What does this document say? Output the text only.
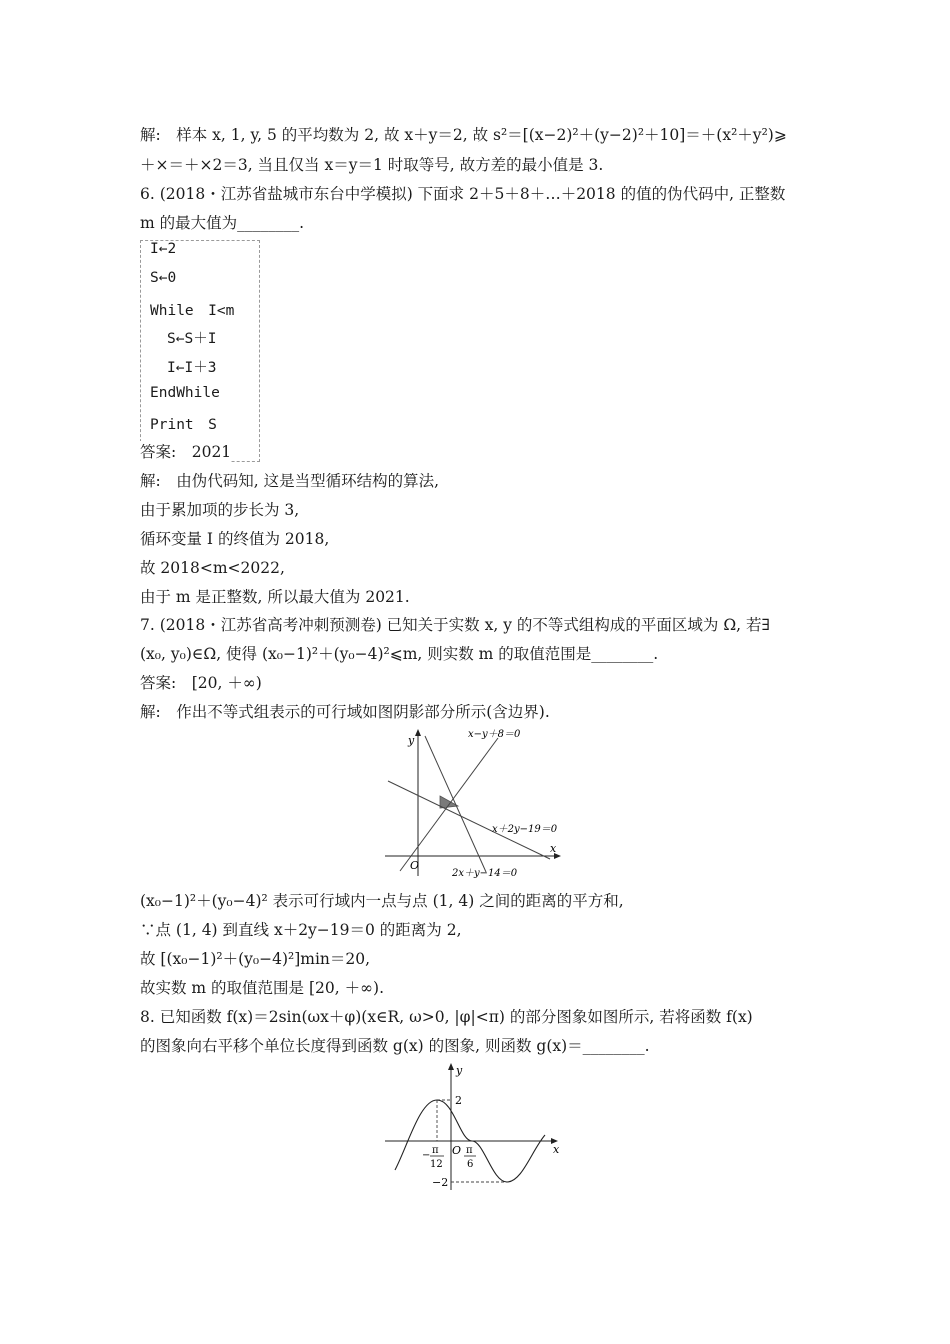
解:　样本 x, 1, y, 5 的平均数为 2, 故 x＋y＝2, 故 s²＝[(x−2)²＋(y−2)²＋10]＝＋(x²＋y²)⩾
＋×＝＋×2＝3, 当且仅当 x＝y＝1 时取等号, 故方差的最小值是 3.
6. (2018・江苏省盐城市东台中学模拟) 下面求 2＋5＋8＋…＋2018 的值的伪代码中, 正整数
m 的最大值为________.
I←2
S←0
While　I<m
S←S＋I
I←I＋3
EndWhile
Print　S
答案:　2021
解:　由伪代码知, 这是当型循环结构的算法,
由于累加项的步长为 3,
循环变量 I 的终值为 2018,
故 2018<m<2022,
由于 m 是正整数, 所以最大值为 2021.
7. (2018・江苏省高考冲刺预测卷) 已知关于实数 x, y 的不等式组构成的平面区域为 Ω, 若∃
(x₀, y₀)∈Ω, 使得 (x₀−1)²＋(y₀−4)²⩽m, 则实数 m 的取值范围是________.
答案:　[20, ＋∞)
解:　作出不等式组表示的可行域如图阴影部分所示(含边界).
y
x
O
x−y＋8＝0
x＋2y−19＝0
2x＋y−14＝0
(x₀−1)²＋(y₀−4)² 表示可行域内一点与点 (1, 4) 之间的距离的平方和,
∵点 (1, 4) 到直线 x＋2y−19＝0 的距离为 2,
故 [(x₀−1)²＋(y₀−4)²]min＝20,
故实数 m 的取值范围是 [20, ＋∞).
8. 已知函数 f(x)＝2sin(ωx＋φ)(x∈R, ω>0, |φ|<π) 的部分图象如图所示, 若将函数 f(x)
的图象向右平移个单位长度得到函数 g(x) 的图象, 则函数 g(x)＝________.
y
x
O
2
−2
− π
12
π
6
